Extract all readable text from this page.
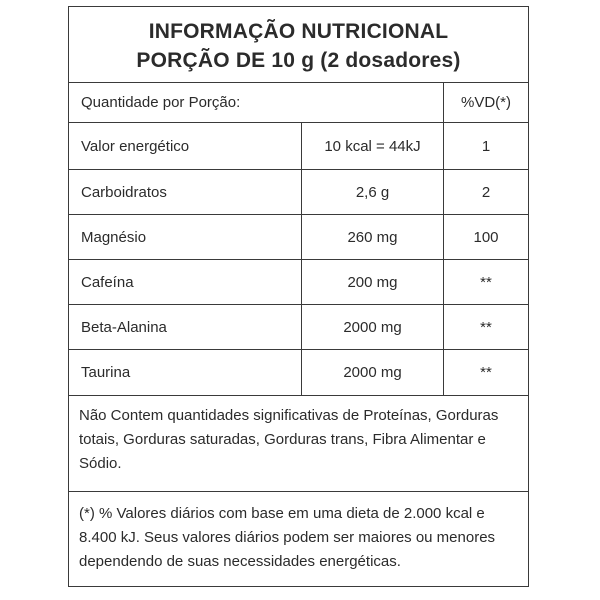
INFORMAÇÃO NUTRICIONAL
PORÇÃO DE 10 g (2 dosadores)
Quantidade por Porção:	%VD(*)
Valor energético	10 kcal = 44kJ	1
Carboidratos	2,6 g	2
Magnésio	260 mg	100
Cafeína	200 mg	**
Beta-Alanina	2000 mg	**
Taurina	2000 mg	**
Não Contem quantidades significativas de Proteínas, Gorduras totais, Gorduras saturadas, Gorduras trans, Fibra Alimentar e Sódio.
(*) % Valores diários com base em uma dieta de 2.000 kcal e 8.400 kJ. Seus valores diários podem ser maiores ou menores dependendo de suas necessidades energéticas.
